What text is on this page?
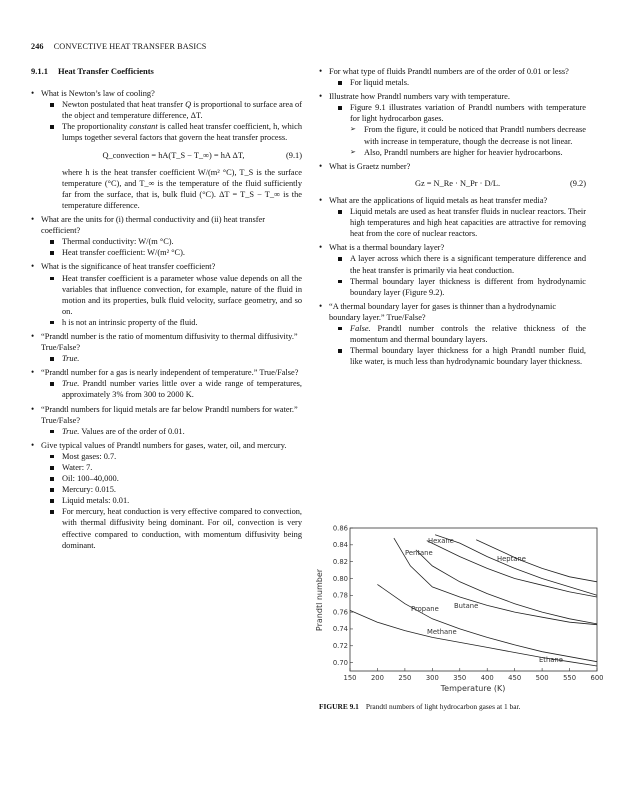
246 CONVECTIVE HEAT TRANSFER BASICS
9.1.1 Heat Transfer Coefficients
• What is Newton’s law of cooling?
Newton postulated that heat transfer Q is proportional to surface area of the object and temperature difference, ΔT.
The proportionality constant is called heat transfer coefficient, h, which lumps together several factors that govern the heat transfer process.
Q_convection = hA(T_S − T_∞) = hA ΔT,	(9.1)
where h is the heat transfer coefficient W/(m² °C), T_S is the surface temperature (°C), and T_∞ is the temperature of the fluid sufficiently far from the surface, that is, bulk fluid (°C). ΔT = T_S − T_∞ is the temperature difference.
• What are the units for (i) thermal conductivity and (ii) heat transfer coefficient?
Thermal conductivity: W/(m °C).
Heat transfer coefficient: W/(m² °C).
• What is the significance of heat transfer coefficient?
Heat transfer coefficient is a parameter whose value depends on all the variables that influence convection, for example, nature of the fluid in motion and its properties, bulk fluid velocity, surface geometry, and so on.
h is not an intrinsic property of the fluid.
• “Prandtl number is the ratio of momentum diffusivity to thermal diffusivity.” True/False?
True.
• “Prandtl number for a gas is nearly independent of temperature.” True/False?
True. Prandtl number varies little over a wide range of temperatures, approximately 3% from 300 to 2000 K.
• “Prandtl numbers for liquid metals are far below Prandtl numbers for water.” True/False?
True. Values are of the order of 0.01.
• Give typical values of Prandtl numbers for gases, water, oil, and mercury.
Most gases: 0.7.
Water: 7.
Oil: 100–40,000.
Mercury: 0.015.
Liquid metals: 0.01.
For mercury, heat conduction is very effective compared to convection, with thermal diffusivity being dominant. For oil, convection is very effective compared to conduction, with momentum diffusivity being dominant.
• For what type of fluids Prandtl numbers are of the order of 0.01 or less?
For liquid metals.
• Illustrate how Prandtl numbers vary with temperature.
Figure 9.1 illustrates variation of Prandtl numbers with temperature for light hydrocarbon gases.
➢ From the figure, it could be noticed that Prandtl numbers decrease with increase in temperature, though the decrease is not linear.
➢ Also, Prandtl numbers are higher for heavier hydrocarbons.
• What is Graetz number?
Gz = N_Re · N_Pr · D/L.	(9.2)
• What are the applications of liquid metals as heat transfer media?
Liquid metals are used as heat transfer fluids in nuclear reactors. Their high temperatures and high heat capacities are attractive for removing heat from the core of nuclear reactors.
• What is a thermal boundary layer?
A layer across which there is a significant temperature difference and the heat transfer is primarily via heat conduction.
Thermal boundary layer thickness is different from hydrodynamic boundary layer (Figure 9.2).
• “A thermal boundary layer for gases is thinner than a hydrodynamic boundary layer.” True/False?
False. Prandtl number controls the relative thickness of the momentum and thermal boundary layers.
Thermal boundary layer thickness for a high Prandtl number fluid, like water, is much less than hydrodynamic boundary layer thickness.
150 200 250 300 350 400 450 500 550 600
0.70
0.72
0.74
0.76
0.78
0.80
0.82
0.84
0.86
Hexane
Pentane
Heptane
Propane Butane
Methane
Ethane
Temperature (K)
Prandtl number
FIGURE 9.1 Prandtl numbers of light hydrocarbon gases at 1 bar.
